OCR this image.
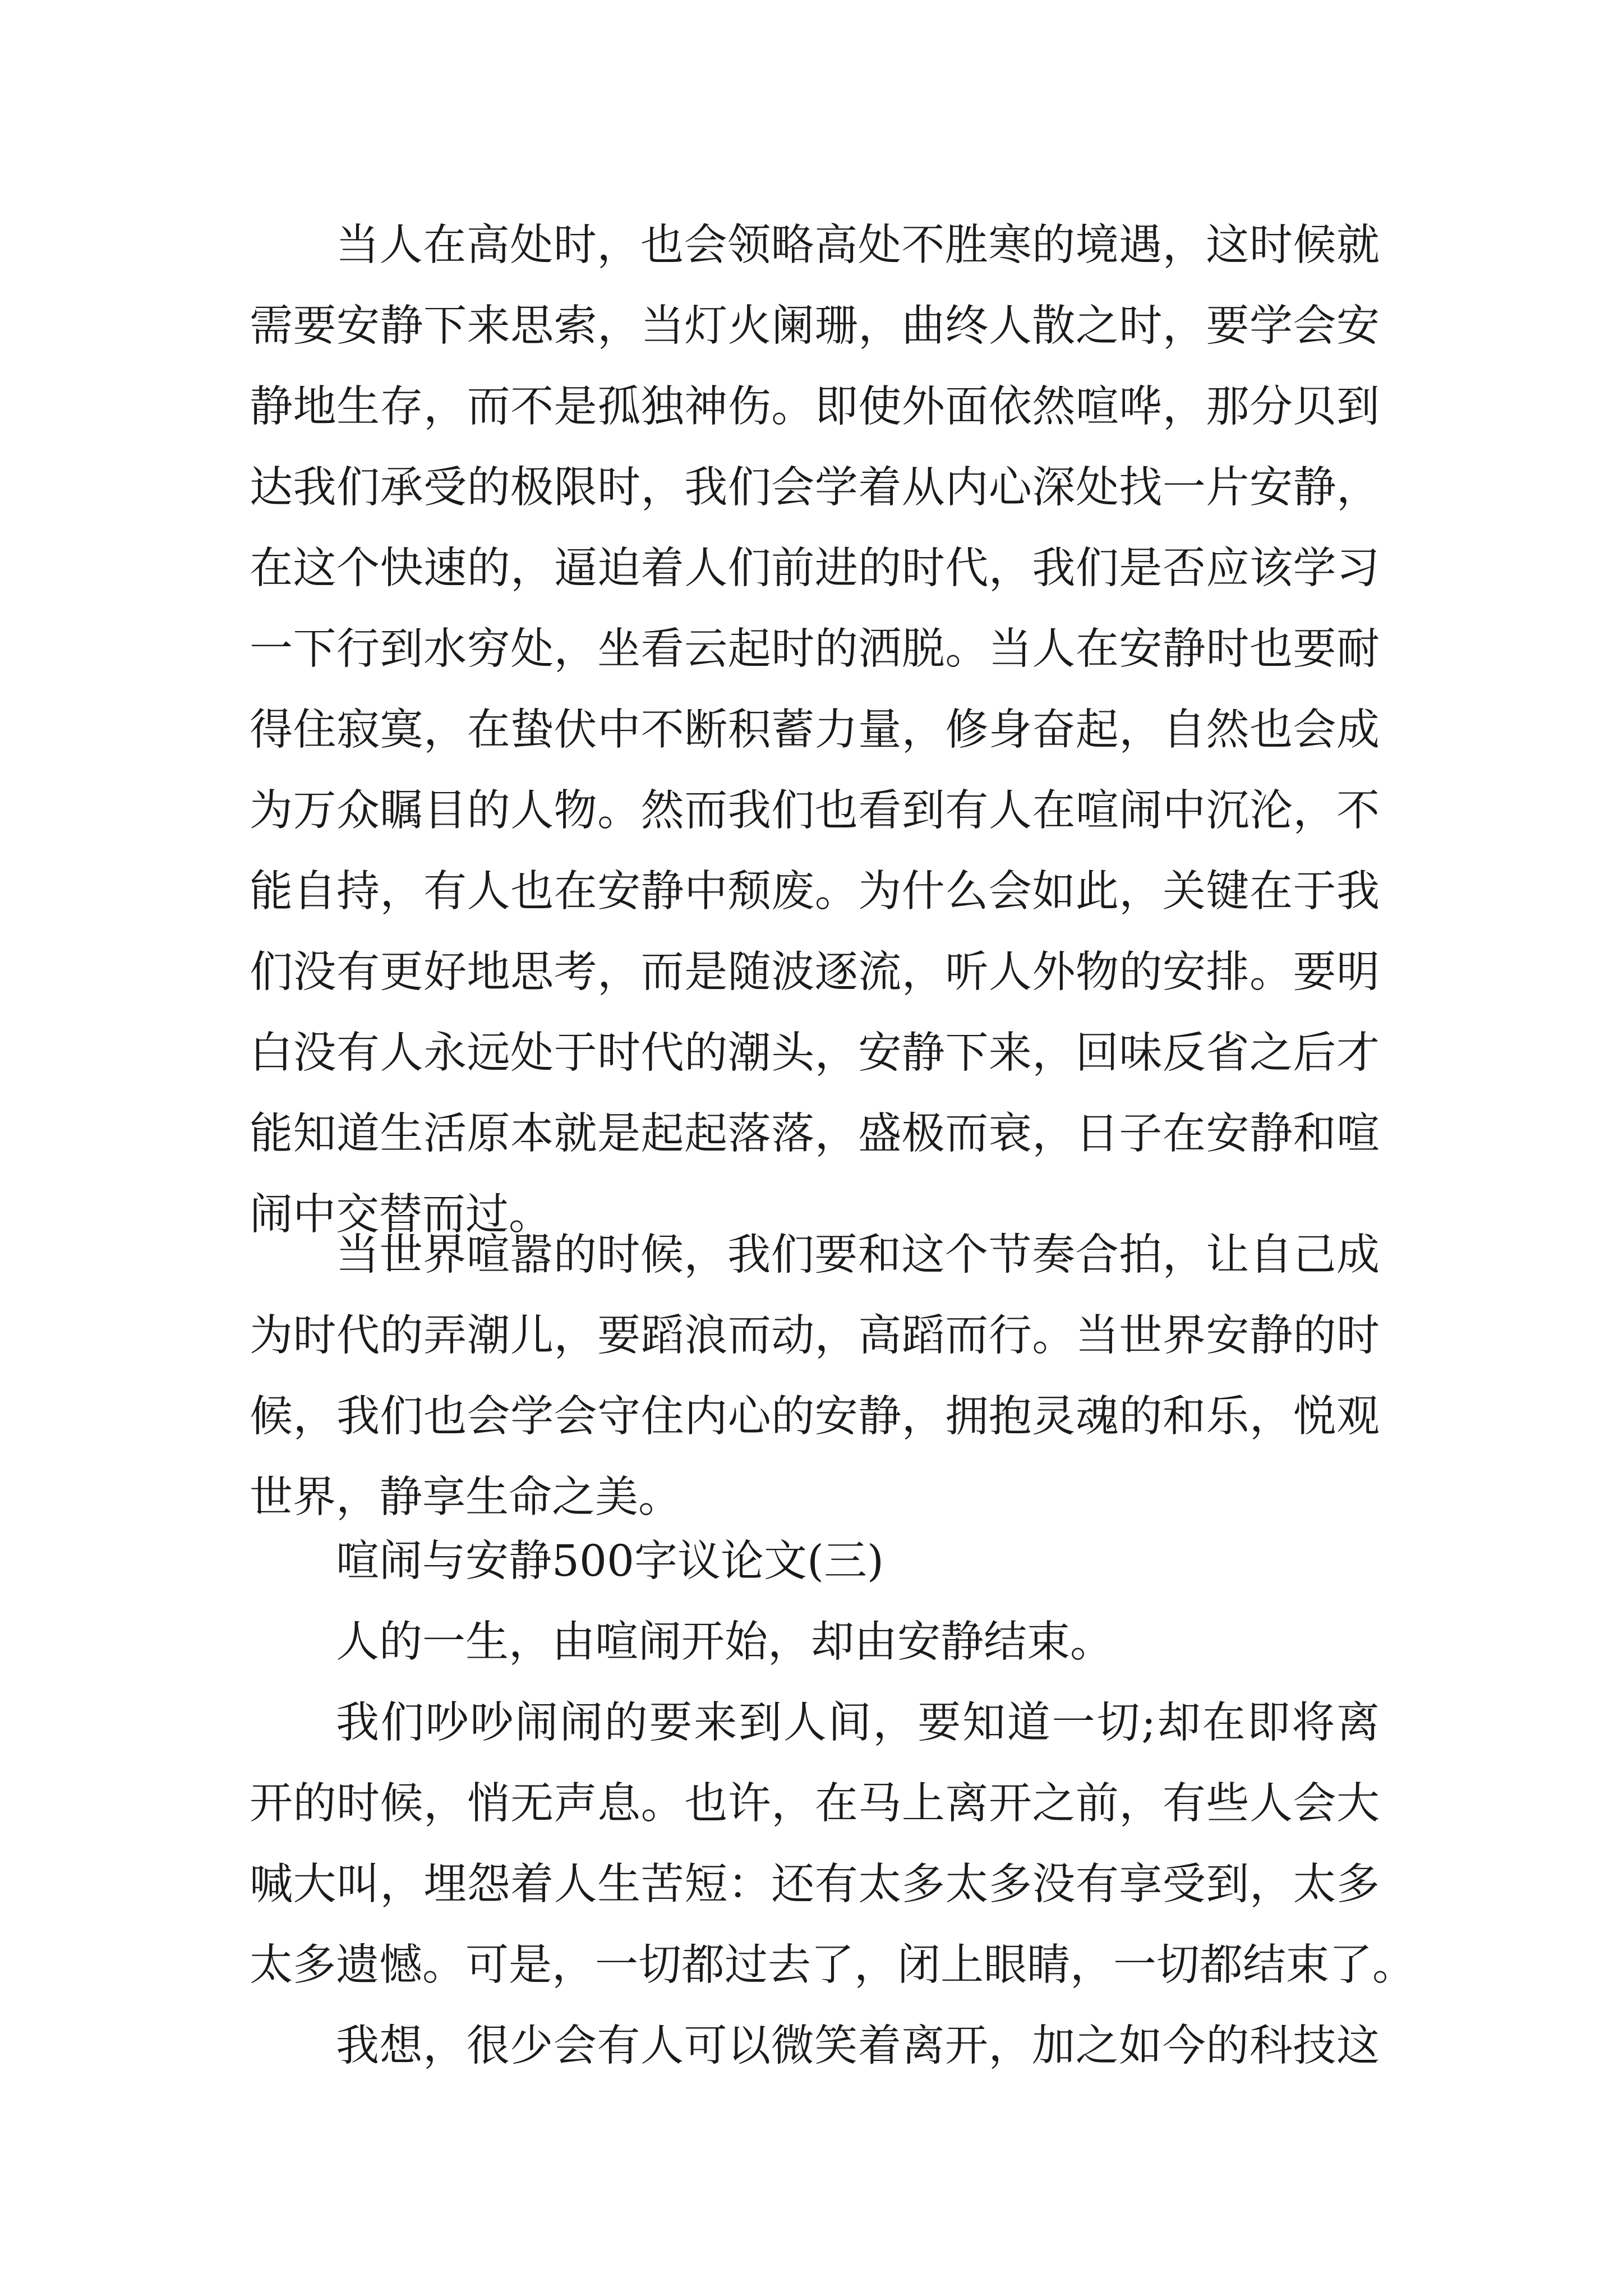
当人在高处时，也会领略高处不胜寒的境遇，这时候就
需要安静下来思索，当灯火阑珊，曲终人散之时，要学会安
静地生存，而不是孤独神伤。即使外面依然喧哗，那分贝到
达我们承受的极限时，我们会学着从内心深处找一片安静，
在这个快速的，逼迫着人们前进的时代，我们是否应该学习
一下行到水穷处，坐看云起时的洒脱。当人在安静时也要耐
得住寂寞，在蛰伏中不断积蓄力量，修身奋起，自然也会成
为万众瞩目的人物。然而我们也看到有人在喧闹中沉沦，不
能自持，有人也在安静中颓废。为什么会如此，关键在于我
们没有更好地思考，而是随波逐流，听人外物的安排。要明
白没有人永远处于时代的潮头，安静下来，回味反省之后才
能知道生活原本就是起起落落，盛极而衰，日子在安静和喧
闹中交替而过。
当世界喧嚣的时候，我们要和这个节奏合拍，让自己成
为时代的弄潮儿，要蹈浪而动，高蹈而行。当世界安静的时
候，我们也会学会守住内心的安静，拥抱灵魂的和乐，悦观
世界，静享生命之美。
喧闹与安静500字议论文(三)
人的一生，由喧闹开始，却由安静结束。
我们吵吵闹闹的要来到人间，要知道一切;却在即将离
开的时候，悄无声息。也许，在马上离开之前，有些人会大
喊大叫，埋怨着人生苦短：还有太多太多没有享受到，太多
太多遗憾。可是，一切都过去了，闭上眼睛，一切都结束了。
我想，很少会有人可以微笑着离开，加之如今的科技这
